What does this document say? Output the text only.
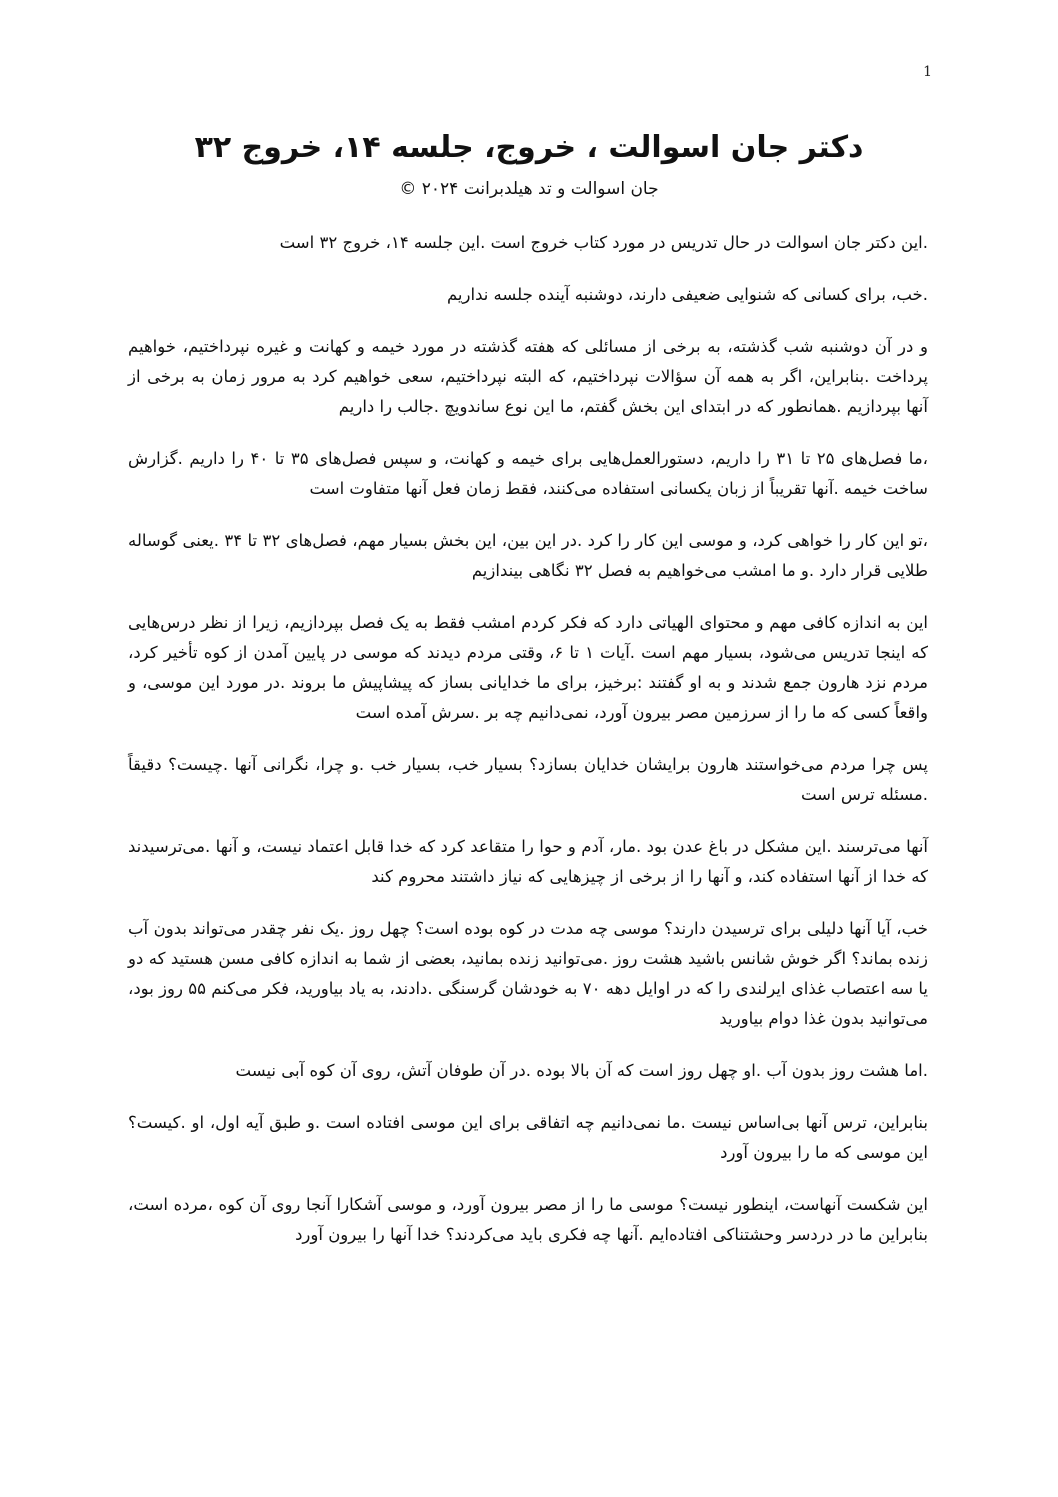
1
دکتر جان اسوالت ، خروج، جلسه ۱۴، خروج ۳۲
جان اسوالت و تد هیلدبرانت ۲۰۲۴ ©

.این دکتر جان اسوالت در حال تدریس در مورد کتاب خروج است .این جلسه ۱۴، خروج ۳۲ است

.خب، برای کسانی که شنوایی ضعیفی دارند، دوشنبه آینده جلسه نداریم

و در آن دوشنبه شب گذشته، به برخی از مسائلی که هفته گذشته در مورد خیمه و کهانت و غیره نپرداختیم، خواهیم پرداخت .بنابراین، اگر به همه آن سؤالات نپرداختیم، که البته نپرداختیم، سعی خواهیم کرد به مرور زمان به برخی از آنها بپردازیم .همانطور که در ابتدای این بخش گفتم، ما این نوع ساندویچ .جالب را داریم

،ما فصل‌های ۲۵ تا ۳۱ را داریم، دستورالعمل‌هایی برای خیمه و کهانت، و سپس فصل‌های ۳۵ تا ۴۰ را داریم .گزارش ساخت خیمه .آنها تقریباً از زبان یکسانی استفاده می‌کنند، فقط زمان فعل آنها متفاوت است

،تو این کار را خواهی کرد، و موسی این کار را کرد .در این بین، این بخش بسیار مهم، فصل‌های ۳۲ تا ۳۴ .یعنی گوساله طلایی قرار دارد .و ما امشب می‌خواهیم به فصل ۳۲ نگاهی بیندازیم

این به اندازه کافی مهم و محتوای الهیاتی دارد که فکر کردم امشب فقط به یک فصل بپردازیم، زیرا از نظر درس‌هایی که اینجا تدریس می‌شود، بسیار مهم است .آیات ۱ تا ۶، وقتی مردم دیدند که موسی در پایین آمدن از کوه تأخیر کرد، مردم نزد هارون جمع شدند و به او گفتند :برخیز، برای ما خدایانی بساز که پیشاپیش ما بروند .در مورد این موسی، و واقعاً کسی که ما را از سرزمین مصر بیرون آورد، نمی‌دانیم چه بر .سرش آمده است

پس چرا مردم می‌خواستند هارون برایشان خدایان بسازد؟ بسیار خب، بسیار خب .و چرا، نگرانی آنها .چیست؟ دقیقاً .مسئله ترس است

آنها می‌ترسند .این مشکل در باغ عدن بود .مار، آدم و حوا را متقاعد کرد که خدا قابل اعتماد نیست، و آنها .می‌ترسیدند که خدا از آنها استفاده کند، و آنها را از برخی از چیزهایی که نیاز داشتند محروم کند

خب، آیا آنها دلیلی برای ترسیدن دارند؟ موسی چه مدت در کوه بوده است؟ چهل روز .یک نفر چقدر می‌تواند بدون آب زنده بماند؟ اگر خوش شانس باشید هشت روز .می‌توانید زنده بمانید، بعضی از شما به اندازه کافی مسن هستید که دو یا سه اعتصاب غذای ایرلندی را که در اوایل دهه ۷۰ به خودشان گرسنگی .دادند، به یاد بیاورید، فکر می‌کنم ۵۵ روز بود، می‌توانید بدون غذا دوام بیاورید

.اما هشت روز بدون آب .او چهل روز است که آن بالا بوده .در آن طوفان آتش، روی آن کوه آبی نیست

بنابراین، ترس آنها بی‌اساس نیست .ما نمی‌دانیم چه اتفاقی برای این موسی افتاده است .و طبق آیه اول، او .کیست؟ این موسی که ما را بیرون آورد

این شکست آنهاست، اینطور نیست؟ موسی ما را از مصر بیرون آورد، و موسی آشکارا آنجا روی آن کوه ،مرده است، بنابراین ما در دردسر وحشتناکی افتاده‌ایم .آنها چه فکری باید می‌کردند؟ خدا آنها را بیرون آورد
